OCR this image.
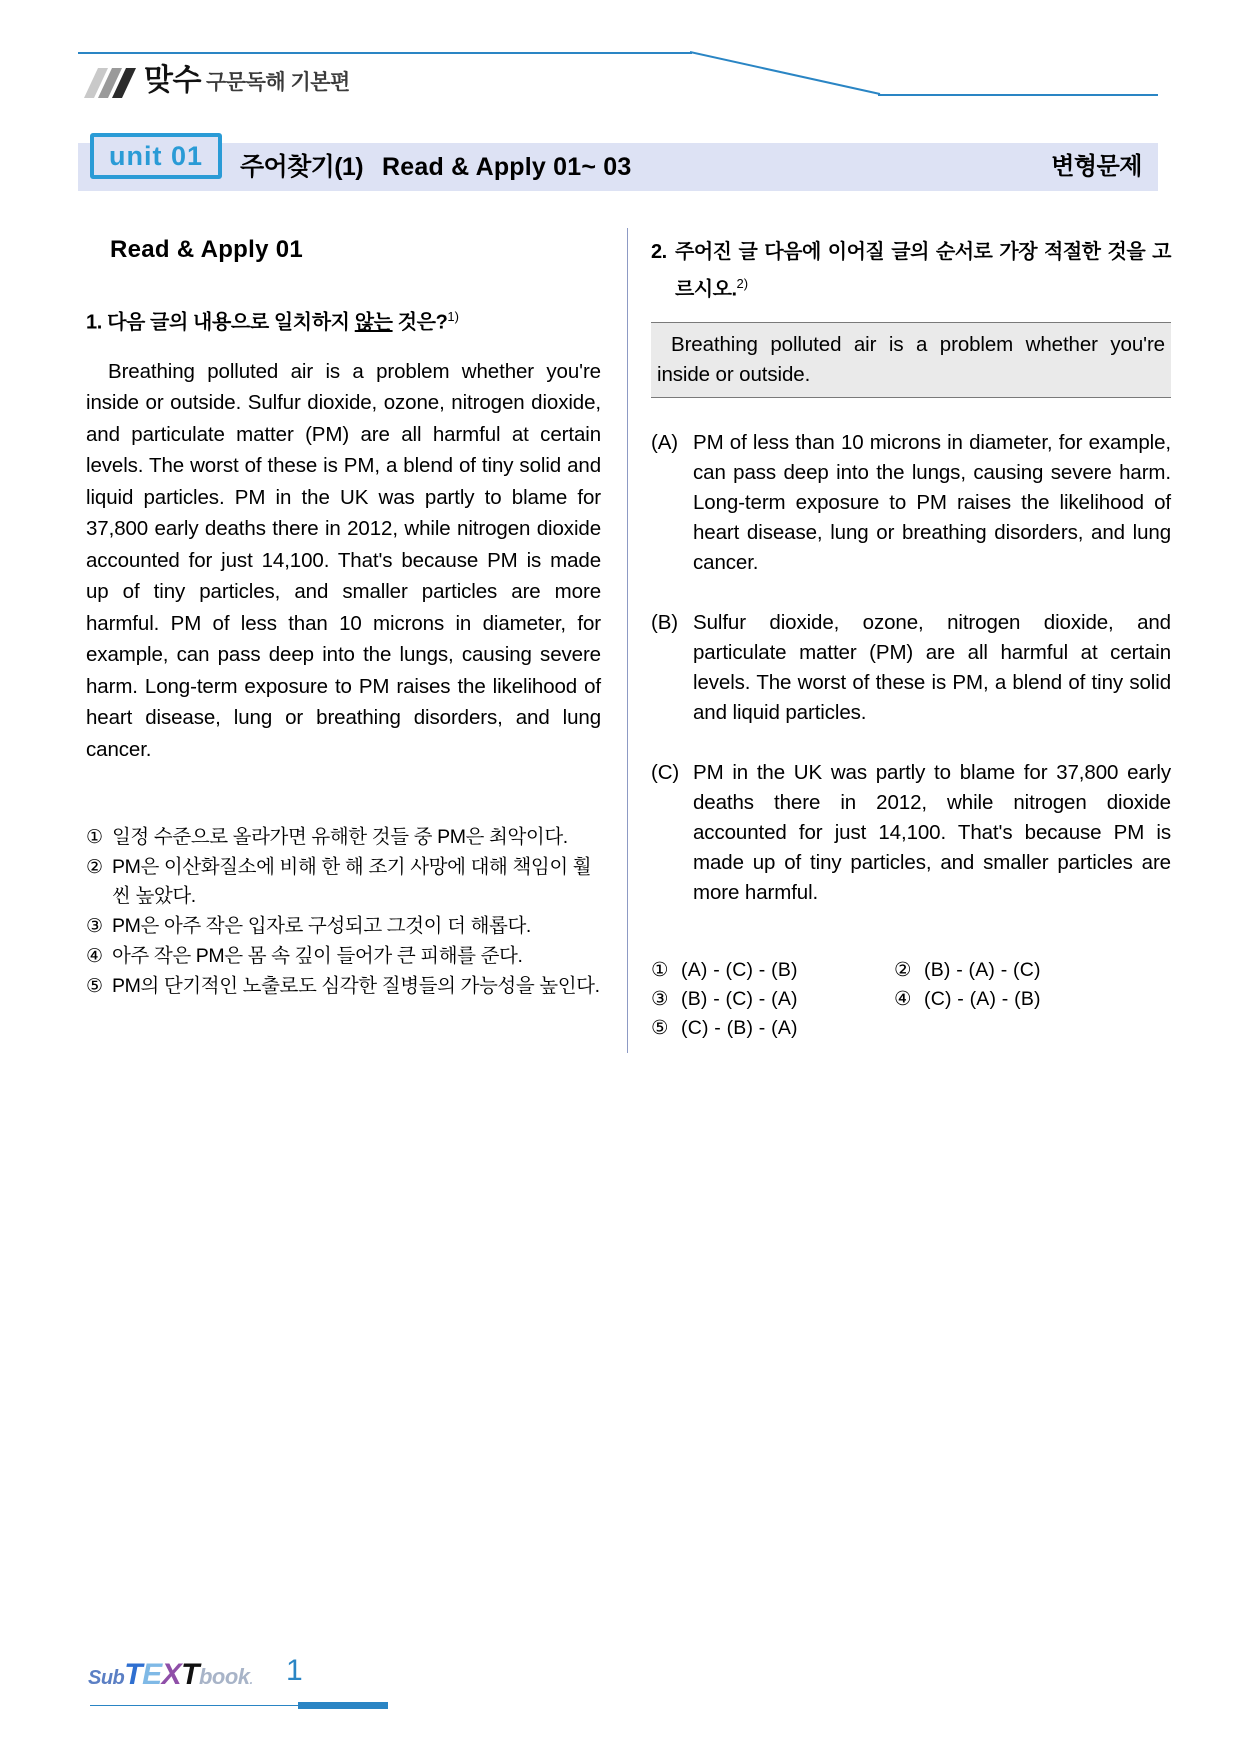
맞수 구문독해 기본편
unit 01	주어찾기(1) Read & Apply 01~ 03	변형문제
Read & Apply 01
1. 다음 글의 내용으로 일치하지 않는 것은?$^{1)}$

Breathing polluted air is a problem whether you're inside or outside. Sulfur dioxide, ozone, nitrogen dioxide, and particulate matter (PM) are all harmful at certain levels. The worst of these is PM, a blend of tiny solid and liquid particles. PM in the UK was partly to blame for 37,800 early deaths there in 2012, while nitrogen dioxide accounted for just 14,100. That's because PM is made up of tiny particles, and smaller particles are more harmful. PM of less than 10 microns in diameter, for example, can pass deep into the lungs, causing severe harm. Long-term exposure to PM raises the likelihood of heart disease, lung or breathing disorders, and lung cancer.

① 일정 수준으로 올라가면 유해한 것들 중 PM은 최악이다.
② PM은 이산화질소에 비해 한 해 조기 사망에 대해 책임이 훨씬 높았다.
③ PM은 아주 작은 입자로 구성되고 그것이 더 해롭다.
④ 아주 작은 PM은 몸 속 깊이 들어가 큰 피해를 준다.
⑤ PM의 단기적인 노출로도 심각한 질병들의 가능성을 높인다.
2. 주어진 글 다음에 이어질 글의 순서로 가장 적절한 것을 고르시오.$^{2)}$
Breathing polluted air is a problem whether you're inside or outside.
(A) PM of less than 10 microns in diameter, for example, can pass deep into the lungs, causing severe harm. Long-term exposure to PM raises the likelihood of heart disease, lung or breathing disorders, and lung cancer.
(B) Sulfur dioxide, ozone, nitrogen dioxide, and particulate matter (PM) are all harmful at certain levels. The worst of these is PM, a blend of tiny solid and liquid particles.
(C) PM in the UK was partly to blame for 37,800 early deaths there in 2012, while nitrogen dioxide accounted for just 14,100. That's because PM is made up of tiny particles, and smaller particles are more harmful.
① (A) - (C) - (B)	② (B) - (A) - (C)
③ (B) - (C) - (A)	④ (C) - (A) - (B)
⑤ (C) - (B) - (A)
SubTEXTbook. 1
